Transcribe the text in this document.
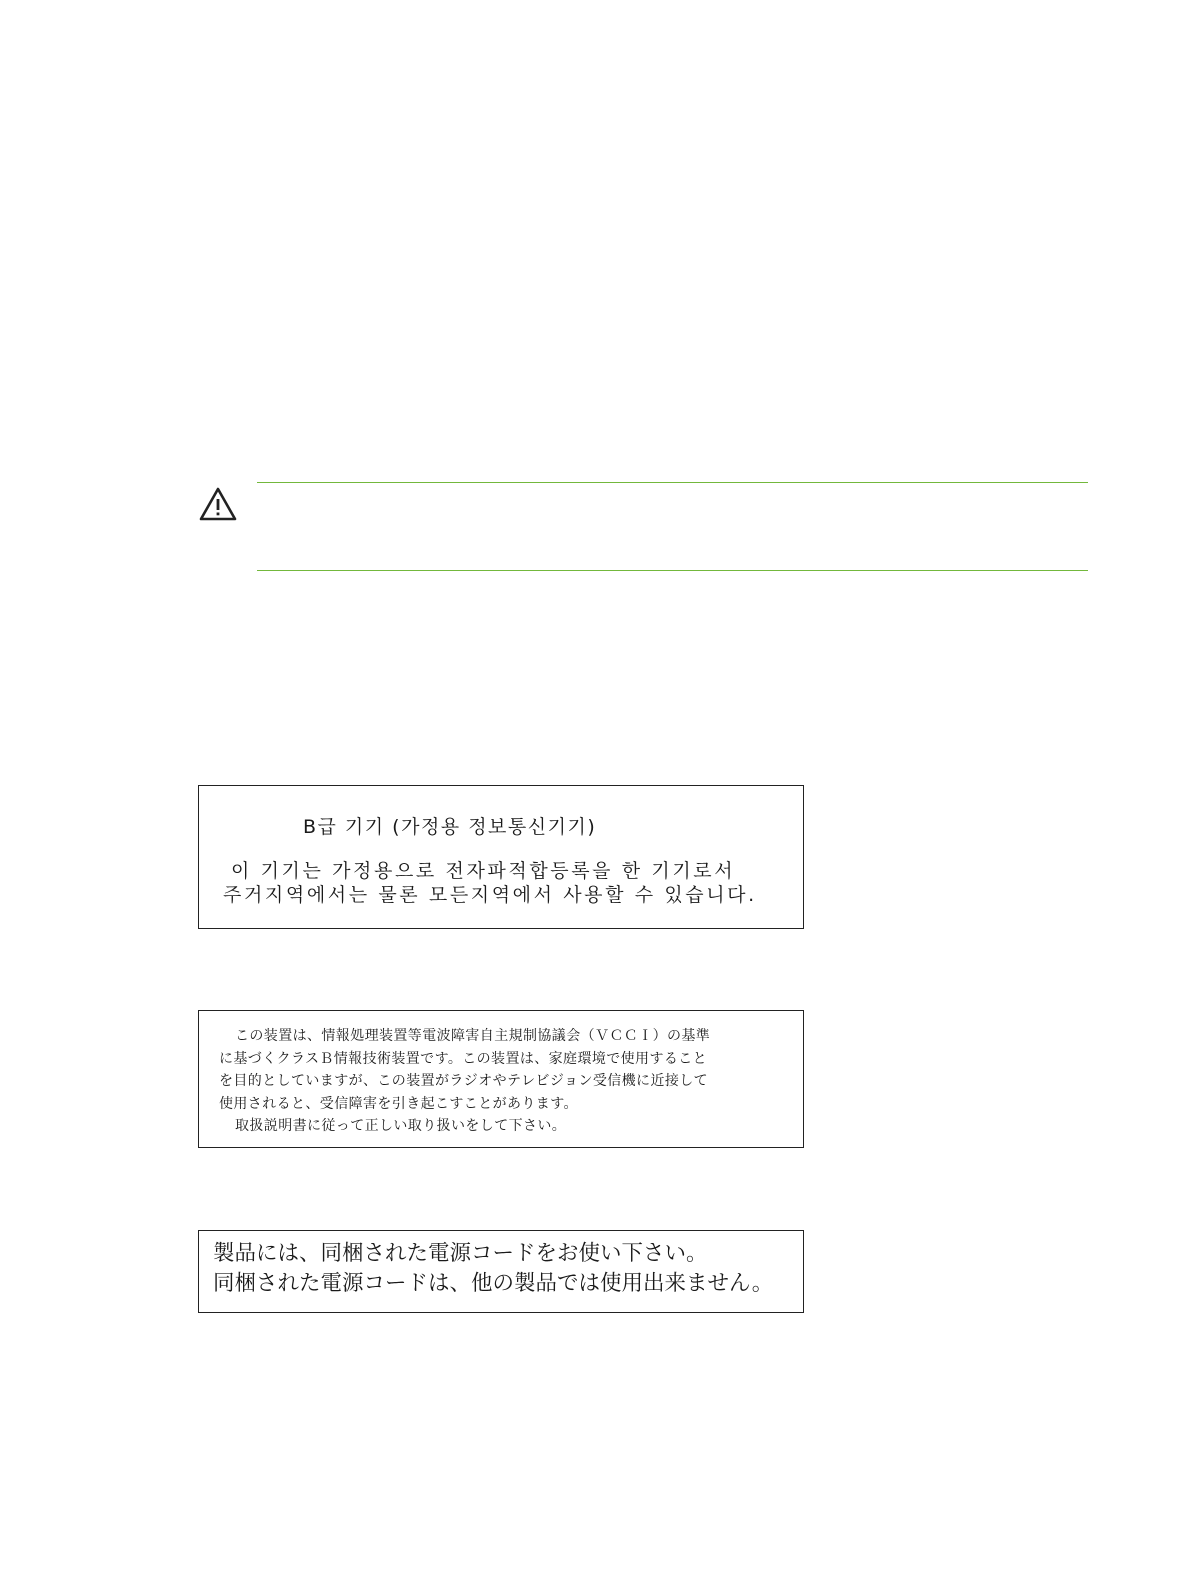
B급 기기 (가정용 정보통신기기)
이 기기는 가정용으로 전자파적합등록을 한 기기로서
주거지역에서는 물론 모든지역에서 사용할 수 있습니다.
この装置は、情報処理装置等電波障害自主規制協議会（ＶＣＣＩ）の基準
に基づくクラスＢ情報技術装置です。この装置は、家庭環境で使用すること
を目的としていますが、この装置がラジオやテレビジョン受信機に近接して
使用されると、受信障害を引き起こすことがあります。
取扱説明書に従って正しい取り扱いをして下さい。
製品には、同梱された電源コードをお使い下さい。
同梱された電源コードは、他の製品では使用出来ません。
